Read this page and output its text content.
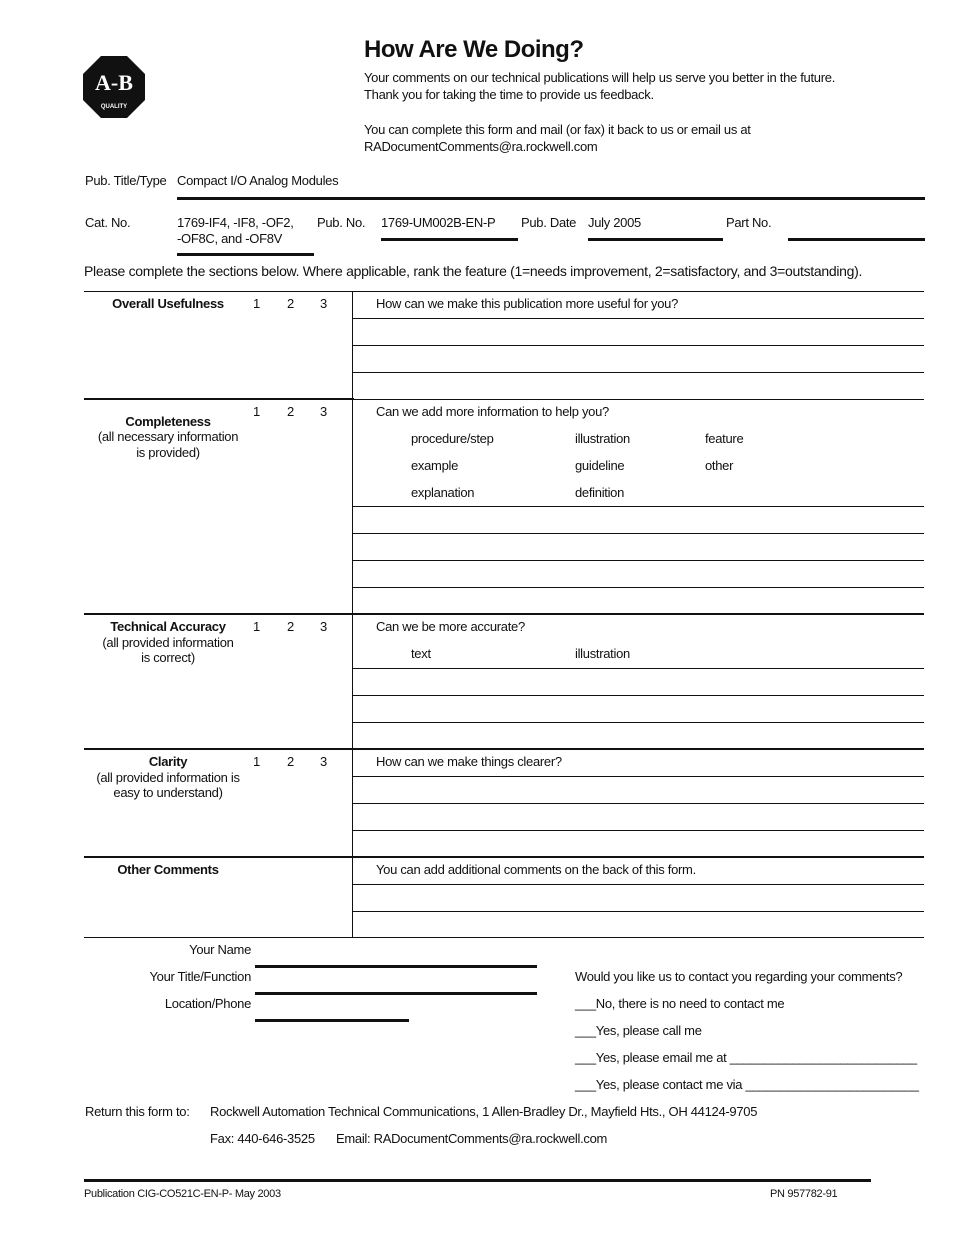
A-B
QUALITY
How Are We Doing?
Your comments on our technical publications will help us serve you better in the future.
Thank you for taking the time to provide us feedback.
You can complete this form and mail (or fax) it back to us or email us at
RADocumentComments@ra.rockwell.com
Pub. Title/Type Compact I/O Analog Modules
Cat. No.	1769-IF4, -IF8, -OF2,
-OF8C, and -OF8V
Pub. No. 1769-UM002B-EN-P Pub. Date July 2005	Part No.
Please complete the sections below. Where applicable, rank the feature (1=needs improvement, 2=satisfactory, and 3=outstanding).
Overall Usefulness	1 2 3	How can we make this publication more useful for you?
Completeness
(all necessary information
is provided)
1 2 3	Can we add more information to help you?
procedure/step	illustration	feature
example	guideline	other
explanation	definition
Technical Accuracy
(all provided information
is correct)
1 2 3	Can we be more accurate?
text	illustration
Clarity
(all provided information is
easy to understand)
1 2 3	How can we make things clearer?
Other Comments	You can add additional comments on the back of this form.
Your Name
Your Title/Function
Location/Phone
Would you like us to contact you regarding your comments?
___No, there is no need to contact me
___Yes, please call me
___Yes, please email me at ___________________________
___Yes, please contact me via _________________________
Return this form to: Rockwell Automation Technical Communications, 1 Allen-Bradley Dr., Mayfield Hts., OH 44124-9705
Fax: 440-646-3525 Email: RADocumentComments@ra.rockwell.com
Publication CIG-CO521C-EN-P- May 2003	PN 957782-91
